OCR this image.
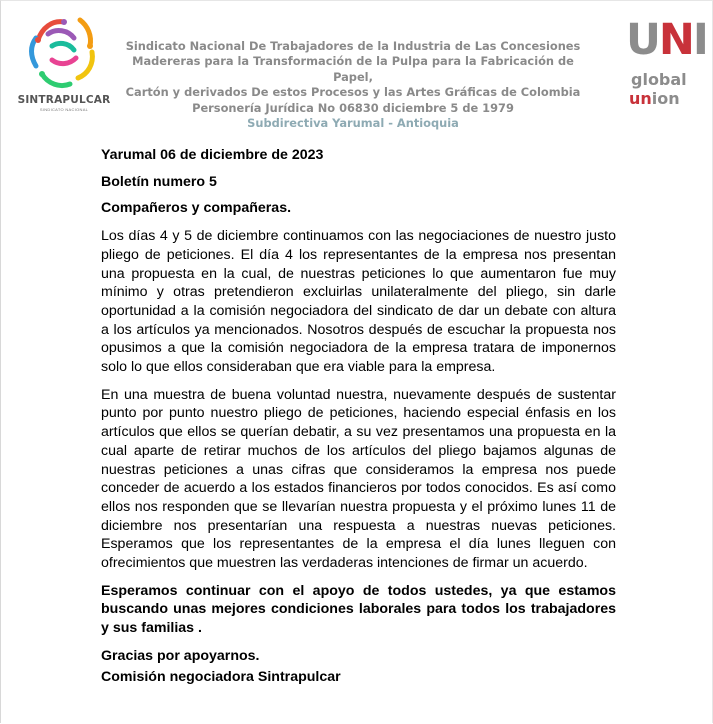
SINTRAPULCAR
SINDICATO NACIONAL
Sindicato Nacional De Trabajadores de la Industria de Las Concesiones
Madereras para la Transformación de la Pulpa para la Fabricación de Papel,
Cartón y derivados De estos Procesos y las Artes Gráficas de Colombia
Personería Jurídica No 06830 diciembre 5 de 1979
Subdirectiva Yarumal - Antioquia
UNI
global
union

Yarumal 06 de diciembre de 2023

Boletín numero 5

Compañeros y compañeras.

Los días 4 y 5 de diciembre continuamos con las negociaciones de nuestro justo pliego de peticiones. El día 4 los representantes de la empresa nos presentan una propuesta en la cual, de nuestras peticiones lo que aumentaron fue muy mínimo y otras pretendieron excluirlas unilateralmente del pliego, sin darle oportunidad a la comisión negociadora del sindicato de dar un debate con altura a los artículos ya mencionados. Nosotros después de escuchar la propuesta nos opusimos a que la comisión negociadora de la empresa tratara de imponernos solo lo que ellos consideraban que era viable para la empresa.

En una muestra de buena voluntad nuestra, nuevamente después de sustentar punto por punto nuestro pliego de peticiones, haciendo especial énfasis en los artículos que ellos se querían debatir, a su vez presentamos una propuesta en la cual aparte de retirar muchos de los artículos del pliego bajamos algunas de nuestras peticiones a unas cifras que consideramos la empresa nos puede conceder de acuerdo a los estados financieros por todos conocidos. Es así como ellos nos responden que se llevarían nuestra propuesta y el próximo lunes 11 de diciembre nos presentarían una respuesta a nuestras nuevas peticiones. Esperamos que los representantes de la empresa el día lunes lleguen con ofrecimientos que muestren las verdaderas intenciones de firmar un acuerdo.

Esperamos continuar con el apoyo de todos ustedes, ya que estamos buscando unas mejores condiciones laborales para todos los trabajadores y sus familias .

Gracias por apoyarnos.

Comisión negociadora Sintrapulcar
